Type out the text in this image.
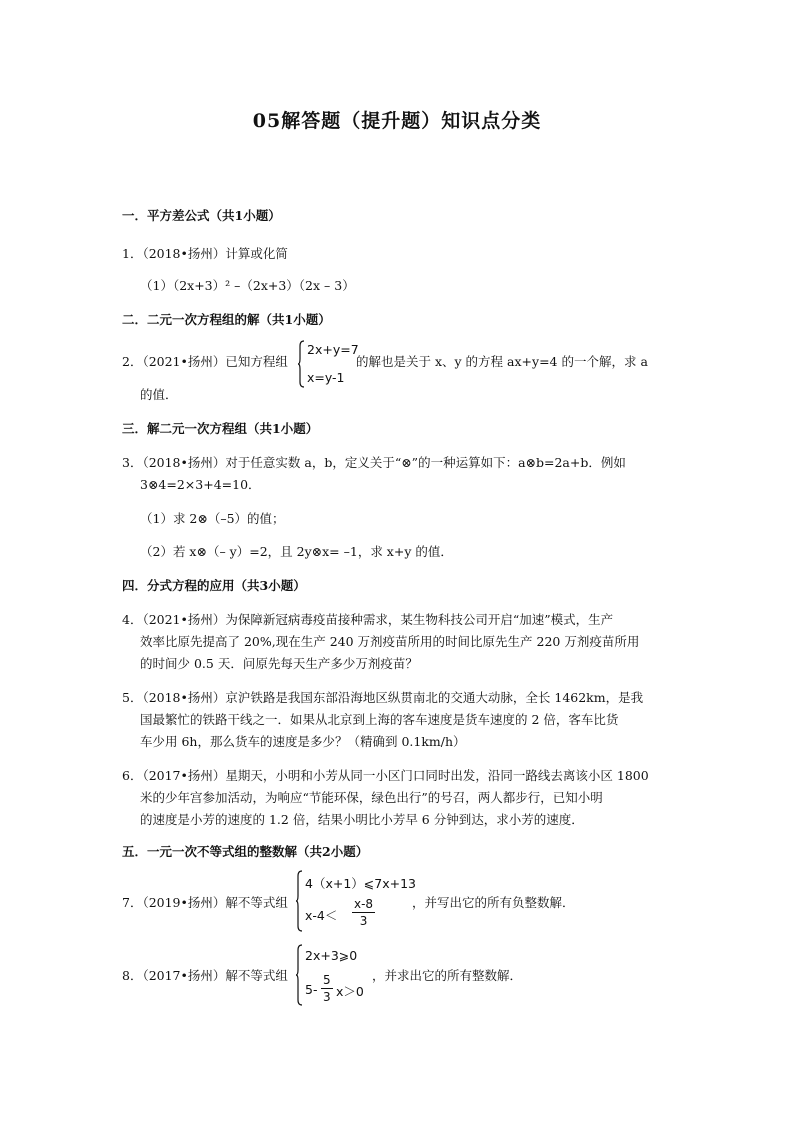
05解答题（提升题）知识点分类
一．平方差公式（共1小题）
1．（2018•扬州）计算或化简
（1）（2x+3）² –（2x+3）（2x – 3）
二．二元一次方程组的解（共1小题）
2．（2021•扬州）已知方程组
2x+y=7
x=y-1
的解也是关于 x、y 的方程 ax+y=4 的一个解，求 a
的值．
三．解二元一次方程组（共1小题）
3．（2018•扬州）对于任意实数 a，b，定义关于“⊗”的一种运算如下：a⊗b=2a+b．例如
3⊗4=2×3+4=10．
（1）求 2⊗（–5）的值；
（2）若 x⊗（– y）=2，且 2y⊗x= –1，求 x+y 的值．
四．分式方程的应用（共3小题）
4．（2021•扬州）为保障新冠病毒疫苗接种需求，某生物科技公司开启“加速”模式，生产
效率比原先提高了 20%,现在生产 240 万剂疫苗所用的时间比原先生产 220 万剂疫苗所用
的时间少 0.5 天．问原先每天生产多少万剂疫苗？
5．（2018•扬州）京沪铁路是我国东部沿海地区纵贯南北的交通大动脉，全长 1462km，是我
国最繁忙的铁路干线之一．如果从北京到上海的客车速度是货车速度的 2 倍，客车比货
车少用 6h，那么货车的速度是多少？（精确到 0.1km/h）
6．（2017•扬州）星期天，小明和小芳从同一小区门口同时出发，沿同一路线去离该小区 1800
米的少年宫参加活动，为响应“节能环保，绿色出行”的号召，两人都步行，已知小明
的速度是小芳的速度的 1.2 倍，结果小明比小芳早 6 分钟到达，求小芳的速度．
五．一元一次不等式组的整数解（共2小题）
7．（2019•扬州）解不等式组
4（x+1）⩽7x+13
$x-4< \frac{x-8}{3}$	，并写出它的所有负整数解．
8．（2017•扬州）解不等式组
2x+3⩾0
$5- \frac{5}{3} x>0$
，并求出它的所有整数解．
